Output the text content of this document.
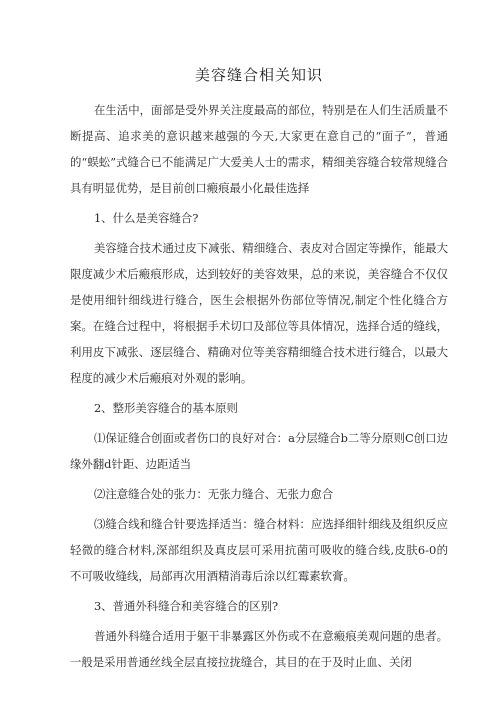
美容缝合相关知识

在生活中，面部是受外界关注度最高的部位，特别是在人们生活质量不断提高、追求美的意识越来越强的今天,大家更在意自己的“面子”，普通的“蜈蚣”式缝合已不能满足广大爱美人士的需求，精细美容缝合较常规缝合具有明显优势，是目前创口瘢痕最小化最佳选择

1、什么是美容缝合?

美容缝合技术通过皮下减张、精细缝合、表皮对合固定等操作，能最大限度减少术后瘢痕形成，达到较好的美容效果，总的来说，美容缝合不仅仅是使用细针细线进行缝合，医生会根据外伤部位等情况,制定个性化缝合方案。在缝合过程中，将根据手术切口及部位等具体情况，选择合适的缝线，利用皮下减张、逐层缝合、精确对位等美容精细缝合技术进行缝合，以最大程度的减少术后瘢痕对外观的影响。

2、整形美容缝合的基本原则

⑴保证缝合创面或者伤口的良好对合：a分层缝合b二等分原则C创口边缘外翻d针距、边距适当

⑵注意缝合处的张力：无张力缝合、无张力愈合

⑶缝合线和缝合针要选择适当：缝合材料：应选择细针细线及组织反应轻微的缝合材料,深部组织及真皮层可采用抗菌可吸收的缝合线,皮肤6-0的不可吸收缝线，局部再次用酒精消毒后涂以红霉素软膏。

3、普通外科缝合和美容缝合的区别?

普通外科缝合适用于躯干非暴露区外伤或不在意瘢痕美观问题的患者。一般是采用普通丝线全层直接拉拢缝合，其目的在于及时止血、关闭
